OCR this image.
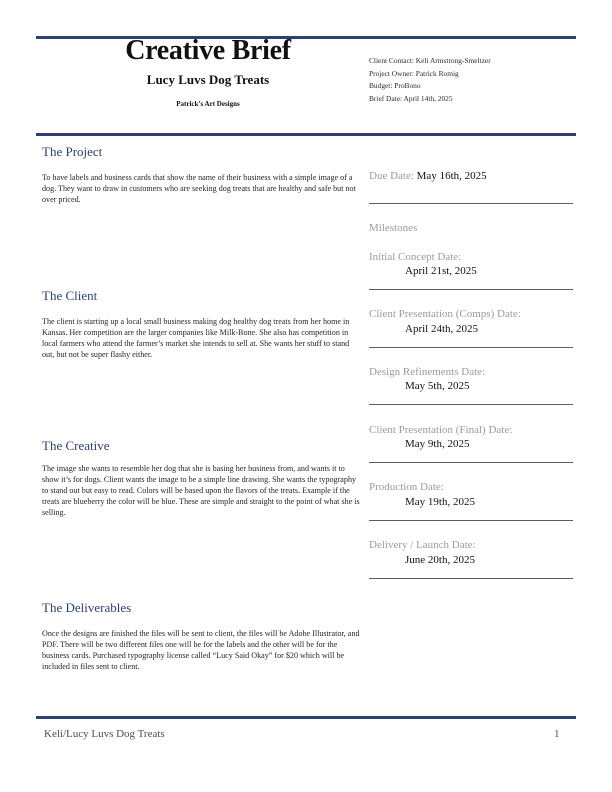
Creative Brief
Lucy Luvs Dog Treats
Patrick’s Art Designs
Client Contact: Keli Armstrong-Smeltzer
Project Owner: Patrick Romig
Budget: ProBono
Brief Date: April 14th, 2025
The Project
To have labels and business cards that show the name of their business with a simple image of a dog. They want to draw in customers who are seeking dog treats that are healthy and safe but not over priced.
The Client
The client is starting up a local small business making dog healthy dog treats from her home in Kansas. Her competition are the larger companies like Milk-Bone. She also has competition in local farmers who attend the farmer’s market she intends to sell at. She wants her stuff to stand out, but not be super flashy either.
The Creative
The image she wants to resemble her dog that she is basing her business from, and wants it to show it’s for dogs. Client wants the image to be a simple line drawing. She wants the typography to stand out but easy to read. Colors will be based upon the flavors of the treats. Example if the treats are blueberry the color will be blue. These are simple and straight to the point of what she is selling.
The Deliverables
Once the designs are finished the files will be sent to client, the files will be Adobe Illustrator, and PDF. There will be two different files one will be for the labels and the other will be for the business cards. Purchased typography license called “Lucy Said Okay” for $20 which will be included in files sent to client.
Due Date: May 16th, 2025
Milestones
Initial Concept Date:
April 21st, 2025
Client Presentation (Comps) Date:
April 24th, 2025
Design Refinements Date:
May 5th, 2025
Client Presentation (Final) Date:
May 9th, 2025
Production Date:
May 19th, 2025
Delivery / Launch Date:
June 20th, 2025
Keli/Lucy Luvs Dog Treats	1
